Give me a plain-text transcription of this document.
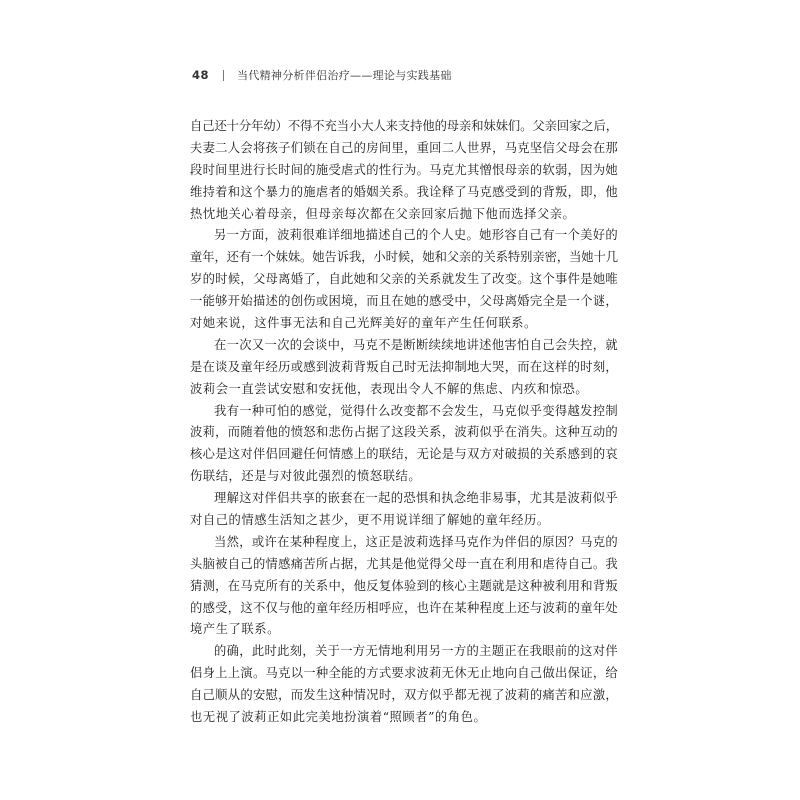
48	当代精神分析伴侣治疗——理论与实践基础
自己还十分年幼）不得不充当小大人来支持他的母亲和妹妹们。父亲回家之后，
夫妻二人会将孩子们锁在自己的房间里，重回二人世界，马克坚信父母会在那
段时间里进行长时间的施受虐式的性行为。马克尤其憎恨母亲的软弱，因为她
维持着和这个暴力的施虐者的婚姻关系。我诠释了马克感受到的背叛，即，他
热忱地关心着母亲，但母亲每次都在父亲回家后抛下他而选择父亲。
另一方面，波莉很难详细地描述自己的个人史。她形容自己有一个美好的
童年，还有一个妹妹。她告诉我，小时候，她和父亲的关系特别亲密，当她十几
岁的时候，父母离婚了，自此她和父亲的关系就发生了改变。这个事件是她唯
一能够开始描述的创伤或困境，而且在她的感受中，父母离婚完全是一个谜，
对她来说，这件事无法和自己光辉美好的童年产生任何联系。
在一次又一次的会谈中，马克不是断断续续地讲述他害怕自己会失控，就
是在谈及童年经历或感到波莉背叛自己时无法抑制地大哭，而在这样的时刻，
波莉会一直尝试安慰和安抚他，表现出令人不解的焦虑、内疚和惊恐。
我有一种可怕的感觉，觉得什么改变都不会发生，马克似乎变得越发控制
波莉，而随着他的愤怒和悲伤占据了这段关系，波莉似乎在消失。这种互动的
核心是这对伴侣回避任何情感上的联结，无论是与双方对破损的关系感到的哀
伤联结，还是与对彼此强烈的愤怒联结。
理解这对伴侣共享的嵌套在一起的恐惧和执念绝非易事，尤其是波莉似乎
对自己的情感生活知之甚少，更不用说详细了解她的童年经历。
当然，或许在某种程度上，这正是波莉选择马克作为伴侣的原因？马克的
头脑被自己的情感痛苦所占据，尤其是他觉得父母一直在利用和虐待自己。我
猜测，在马克所有的关系中，他反复体验到的核心主题就是这种被利用和背叛
的感受，这不仅与他的童年经历相呼应，也许在某种程度上还与波莉的童年处
境产生了联系。
的确，此时此刻，关于一方无情地利用另一方的主题正在我眼前的这对伴
侣身上上演。马克以一种全能的方式要求波莉无休无止地向自己做出保证，给
自己顺从的安慰，而发生这种情况时，双方似乎都无视了波莉的痛苦和应激，
也无视了波莉正如此完美地扮演着“照顾者”的角色。
